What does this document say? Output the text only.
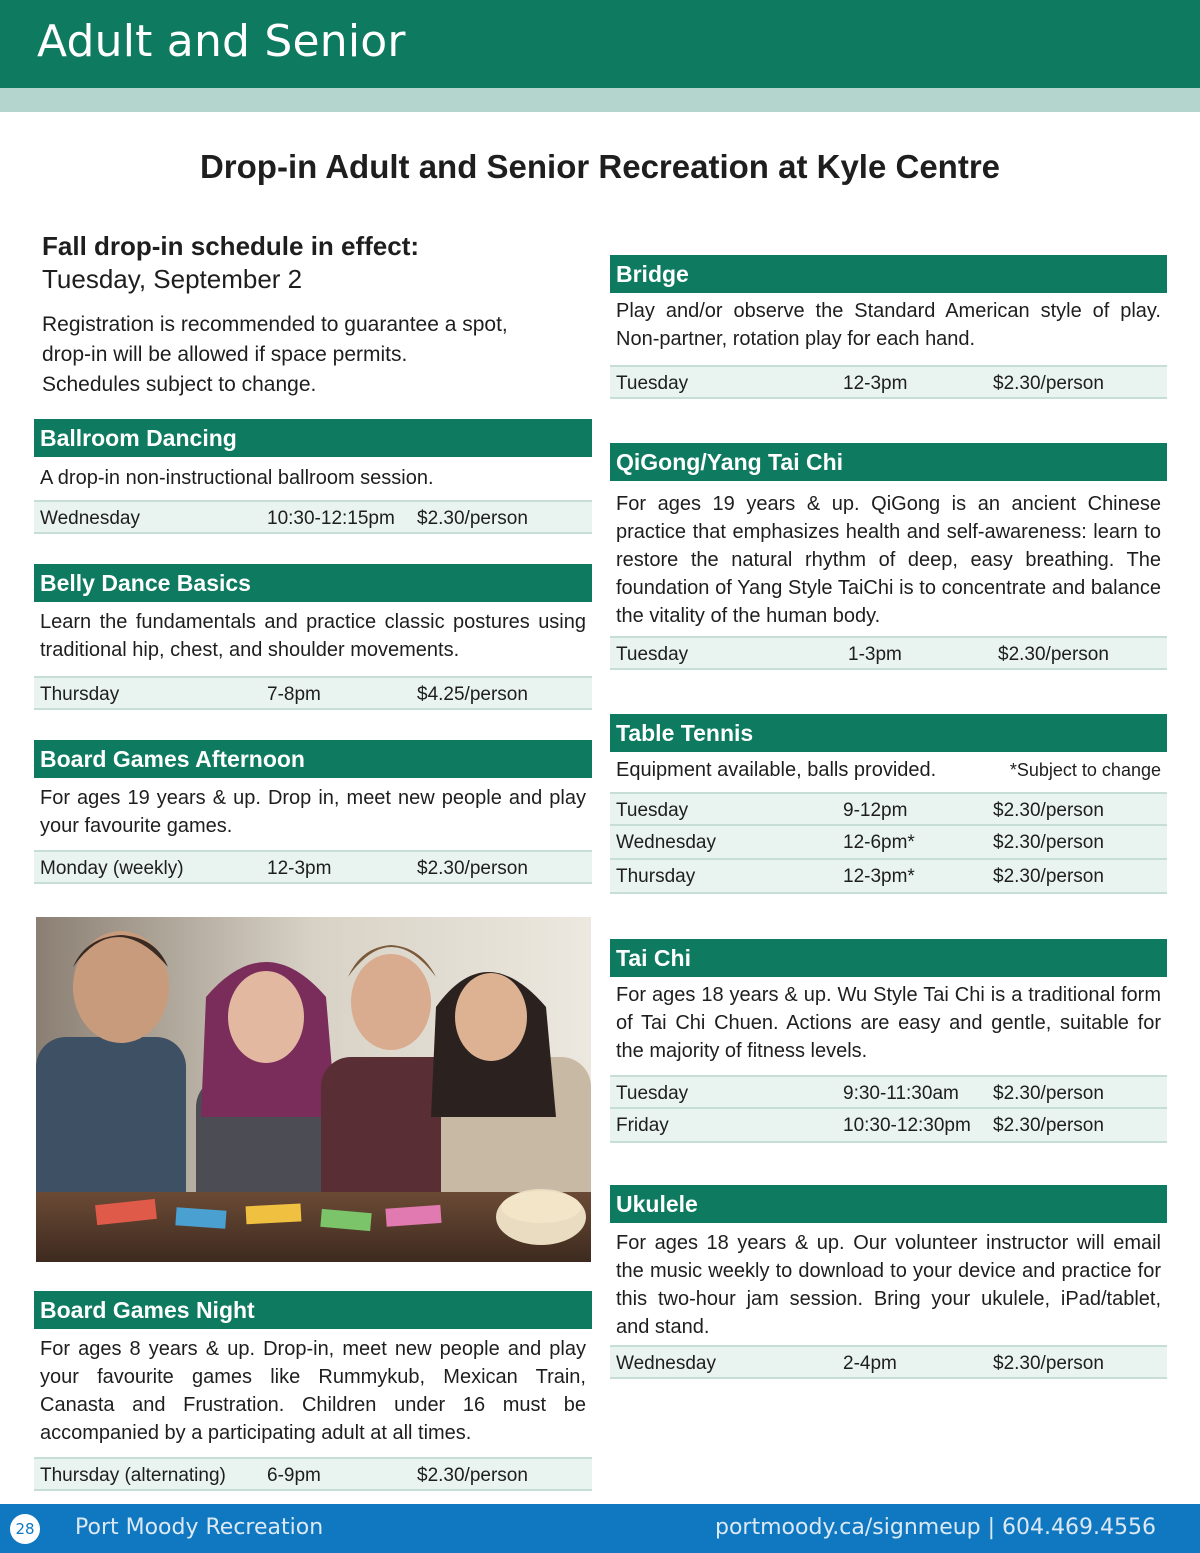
Adult and Senior
Drop-in Adult and Senior Recreation at Kyle Centre
Fall drop-in schedule in effect:
Tuesday, September 2
Registration is recommended to guarantee a spot,
drop-in will be allowed if space permits.
Schedules subject to change.
Ballroom Dancing
A drop-in non-instructional ballroom session.
Wednesday	10:30-12:15pm	$2.30/person
Belly Dance Basics
Learn the fundamentals and practice classic postures using traditional hip, chest, and shoulder movements.
Thursday	7-8pm	$4.25/person
Board Games Afternoon
For ages 19 years & up. Drop in, meet new people and play your favourite games.
Monday (weekly)	12-3pm	$2.30/person
Board Games Night
For ages 8 years & up. Drop-in, meet new people and play your favourite games like Rummykub, Mexican Train, Canasta and Frustration. Children under 16 must be accompanied by a participating adult at all times.
Thursday (alternating)	6-9pm	$2.30/person
Bridge
Play and/or observe the Standard American style of play. Non-partner, rotation play for each hand.
Tuesday	12-3pm	$2.30/person
QiGong/Yang Tai Chi
For ages 19 years & up. QiGong is an ancient Chinese practice that emphasizes health and self-awareness: learn to restore the natural rhythm of deep, easy breathing. The foundation of Yang Style TaiChi is to concentrate and balance the vitality of the human body.
Tuesday	1-3pm	$2.30/person
Table Tennis
Equipment available, balls provided.	*Subject to change
Tuesday	9-12pm	$2.30/person
Wednesday	12-6pm*	$2.30/person
Thursday	12-3pm*	$2.30/person
Tai Chi
For ages 18 years & up. Wu Style Tai Chi is a traditional form of Tai Chi Chuen. Actions are easy and gentle, suitable for the majority of fitness levels.
Tuesday	9:30-11:30am	$2.30/person
Friday	10:30-12:30pm	$2.30/person
Ukulele
For ages 18 years & up. Our volunteer instructor will email the music weekly to download to your device and practice for this two-hour jam session. Bring your ukulele, iPad/tablet, and stand.
Wednesday	2-4pm	$2.30/person
28 Port Moody Recreation	portmoody.ca/signmeup | 604.469.4556
